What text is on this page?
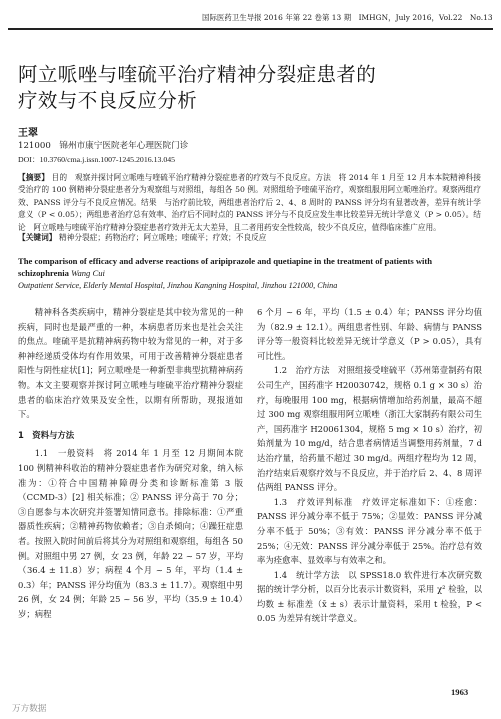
国际医药卫生导报 2016 年第 22 卷第 13 期　IMHGN，July 2016，Vol.22　No.13
阿立哌唑与喹硫平治疗精神分裂症患者的
疗效与不良反应分析
王翠
121000　锦州市康宁医院老年心理医院门诊
DOI：10.3760/cma.j.issn.1007-1245.2016.13.045
【摘要】 目的　观察并探讨阿立哌唑与喹硫平治疗精神分裂症患者的疗效与不良反应。方法　将 2014 年 1 月至 12 月本本院精神科接受治疗的 100 例精神分裂症患者分为观察组与对照组，每组各 50 例。对照组给予喹硫平治疗，观察组服用阿立哌唑治疗。观察两组疗效、PANSS 评分与不良反应情况。结果　与治疗前比较，两组患者治疗后 2、4、8 周时的 PANSS 评分均有显著改善，差异有统计学意义（P < 0.05）；两组患者治疗总有效率、治疗后不同时点的 PANSS 评分与不良反应发生率比较差异无统计学意义（P > 0.05）。结论　阿立哌唑与喹硫平治疗精神分裂症患者疗效并无太大差异，且二者用药安全性较高，较少不良反应，值得临床推广应用。
【关键词】 精神分裂症；药物治疗；阿立哌唑；喹硫平；疗效；不良反应
The comparison of efficacy and adverse reactions of aripiprazole and quetiapine in the treatment of patients with schizophrenia Wang Cui
Outpatient Service, Elderly Mental Hospital, Jinzhou Kangning Hospital, Jinzhou 121000, China

精神科各类疾病中，精神分裂症是其中较为常见的一种疾病，同时也是最严重的一种，本病患者历来也是社会关注的焦点。喹硫平是抗精神病药物中较为常见的一种，对于多种神经递质受体均有作用效果，可用于改善精神分裂症患者阳性与阴性症状[1]；阿立哌唑是一种新型非典型抗精神病药物。本文主要观察并探讨阿立哌唑与喹硫平治疗精神分裂症患者的临床治疗效果及安全性，以期有所帮助，现报道如下。

1　资料与方法

1.1　一般资料　将 2014 年 1 月至 12 月期间本院 100 例精神科收治的精神分裂症患者作为研究对象，纳入标准为：①符合中国精神障碍分类和诊断标准第 3 版（CCMD-3）[2] 相关标准；② PANSS 评分高于 70 分；③自愿参与本次研究并签署知情同意书。排除标准：①严重器质性疾病；②精神药物依赖者；③自杀倾向；④躁狂症患者。按照入院时间前后将其分为对照组和观察组，每组各 50 例。对照组中男 27 例，女 23 例，年龄 22 ~ 57 岁，平均（36.4 ± 11.8）岁；病程 4 个月 ~ 5 年，平均（1.4 ± 0.3）年；PANSS 评分均值为（83.3 ± 11.7）。观察组中男 26 例，女 24 例；年龄 25 ~ 56 岁，平均（35.9 ± 10.4）岁；病程

6 个月 ~ 6 年，平均（1.5 ± 0.4）年；PANSS 评分均值为（82.9 ± 12.1）。两组患者性别、年龄、病情与 PANSS 评分等一般资料比较差异无统计学意义（P > 0.05），具有可比性。

1.2　治疗方法　对照组接受喹硫平（苏州第壹制药有限公司生产，国药准字 H20030742，规格 0.1 g × 30 s）治疗，每晚服用 100 mg，根据病情增加给药剂量，最高不超过 300 mg 观察组服用阿立哌唑（浙江大家制药有限公司生产，国药准字 H20061304，规格 5 mg × 10 s）治疗，初始剂量为 10 mg/d，结合患者病情适当调整用药剂量，7 d 达治疗量，给药量不超过 30 mg/d。两组疗程均为 12 周，治疗结束后观察疗效与不良反应，并于治疗后 2、4、8 周评估两组 PANSS 评分。

1.3　疗效评判标准　疗效评定标准如下：①痊愈：PANSS 评分减分率不低于 75%；②显效：PANSS 评分减分率不低于 50%；③有效：PANSS 评分减分率不低于 25%；④无效：PANSS 评分减分率低于 25%。治疗总有效率为痊愈率、显效率与有效率之和。

1.4　统计学方法　以 SPSS18.0 软件进行本次研究数据的统计学分析，以百分比表示计数资料，采用 χ² 检验，以均数 ± 标准差（x̄ ± s）表示计量资料，采用 t 检验，P < 0.05 为差异有统计学意义。

1963
万方数据
